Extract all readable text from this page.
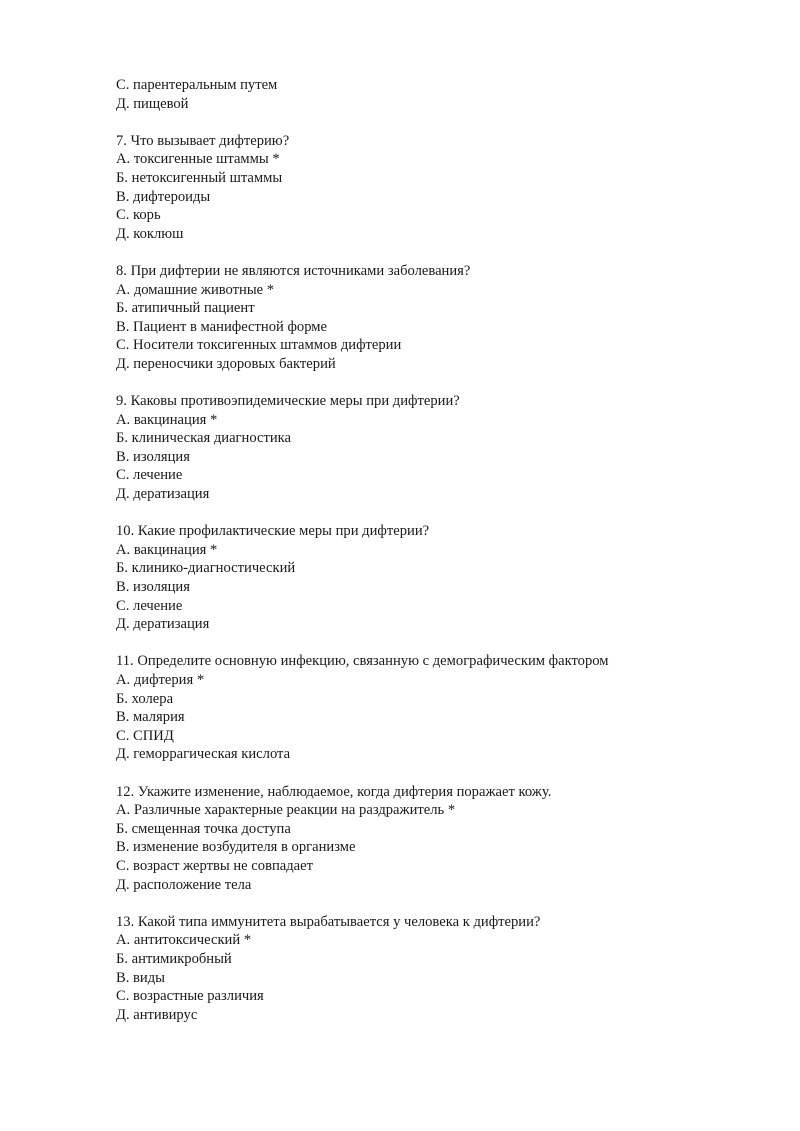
С. парентеральным путем
Д. пищевой
7. Что вызывает дифтерию?
А. токсигенные штаммы *
Б. нетоксигенный штаммы
В. дифтероиды
С. корь
Д. коклюш
8. При дифтерии не являются источниками заболевания?
А. домашние животные *
Б. атипичный пациент
В. Пациент в манифестной форме
С. Носители токсигенных штаммов дифтерии
Д. переносчики здоровых бактерий
9. Каковы противоэпидемические меры при дифтерии?
А. вакцинация *
Б. клиническая диагностика
В. изоляция
С. лечение
Д. дератизация
10. Какие профилактические меры при дифтерии?
А. вакцинация *
Б. клинико-диагностический
В. изоляция
С. лечение
Д. дератизация
11. Определите основную инфекцию, связанную с демографическим фактором
А. дифтерия *
Б. холера
В. малярия
С. СПИД
Д. геморрагическая кислота
12. Укажите изменение, наблюдаемое, когда дифтерия поражает кожу.
А. Различные характерные реакции на раздражитель *
Б. смещенная точка доступа
В. изменение возбудителя в организме
С. возраст жертвы не совпадает
Д. расположение тела
13. Какой типа иммунитета вырабатывается у человека к дифтерии?
А. антитоксический *
Б. антимикробный
В. виды
С. возрастные различия
Д. антивирус
